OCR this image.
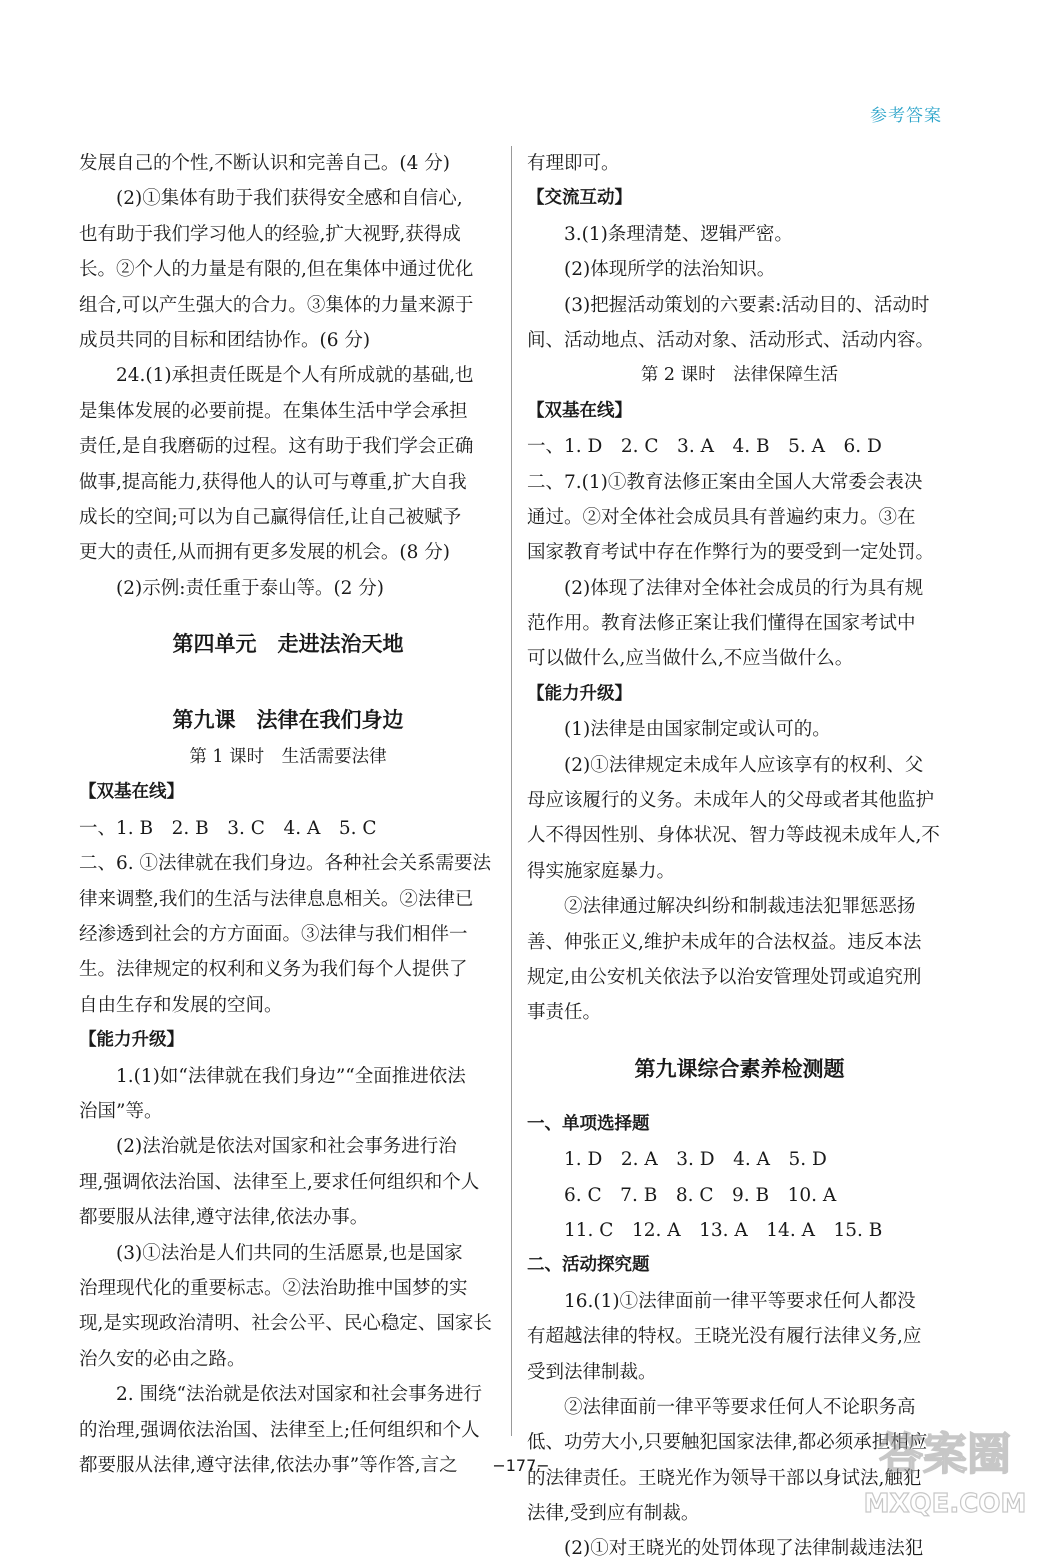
参考答案
发展自己的个性,不断认识和完善自己。(4 分)
(2)①集体有助于我们获得安全感和自信心,
也有助于我们学习他人的经验,扩大视野,获得成
长。②个人的力量是有限的,但在集体中通过优化
组合,可以产生强大的合力。③集体的力量来源于
成员共同的目标和团结协作。(6 分)
24.(1)承担责任既是个人有所成就的基础,也
是集体发展的必要前提。在集体生活中学会承担
责任,是自我磨砺的过程。这有助于我们学会正确
做事,提高能力,获得他人的认可与尊重,扩大自我
成长的空间;可以为自己赢得信任,让自己被赋予
更大的责任,从而拥有更多发展的机会。(8 分)
(2)示例:责任重于泰山等。(2 分)
第四单元　走进法治天地
第九课　法律在我们身边
第 1 课时　生活需要法律
【双基在线】
一、1. B　2. B　3. C　4. A　5. C
二、6. ①法律就在我们身边。各种社会关系需要法
律来调整,我们的生活与法律息息相关。②法律已
经渗透到社会的方方面面。③法律与我们相伴一
生。法律规定的权利和义务为我们每个人提供了
自由生存和发展的空间。
【能力升级】
1.(1)如“法律就在我们身边”“全面推进依法
治国”等。
(2)法治就是依法对国家和社会事务进行治
理,强调依法治国、法律至上,要求任何组织和个人
都要服从法律,遵守法律,依法办事。
(3)①法治是人们共同的生活愿景,也是国家
治理现代化的重要标志。②法治助推中国梦的实
现,是实现政治清明、社会公平、民心稳定、国家长
治久安的必由之路。
2. 围绕“法治就是依法对国家和社会事务进行
的治理,强调依法治国、法律至上;任何组织和个人
都要服从法律,遵守法律,依法办事”等作答,言之
有理即可。
【交流互动】
3.(1)条理清楚、逻辑严密。
(2)体现所学的法治知识。
(3)把握活动策划的六要素:活动目的、活动时
间、活动地点、活动对象、活动形式、活动内容。
第 2 课时　法律保障生活
【双基在线】
一、1. D　2. C　3. A　4. B　5. A　6. D
二、7.(1)①教育法修正案由全国人大常委会表决
通过。②对全体社会成员具有普遍约束力。③在
国家教育考试中存在作弊行为的要受到一定处罚。
(2)体现了法律对全体社会成员的行为具有规
范作用。教育法修正案让我们懂得在国家考试中
可以做什么,应当做什么,不应当做什么。
【能力升级】
(1)法律是由国家制定或认可的。
(2)①法律规定未成年人应该享有的权利、父
母应该履行的义务。未成年人的父母或者其他监护
人不得因性别、身体状况、智力等歧视未成年人,不
得实施家庭暴力。
②法律通过解决纠纷和制裁违法犯罪惩恶扬
善、伸张正义,维护未成年的合法权益。违反本法
规定,由公安机关依法予以治安管理处罚或追究刑
事责任。
第九课综合素养检测题
一、单项选择题
1. D　2. A　3. D　4. A　5. D
6. C　7. B　8. C　9. B　10. A
11. C　12. A　13. A　14. A　15. B
二、活动探究题
16.(1)①法律面前一律平等要求任何人都没
有超越法律的特权。王晓光没有履行法律义务,应
受到法律制裁。
②法律面前一律平等要求任何人不论职务高
低、功劳大小,只要触犯国家法律,都必须承担相应
的法律责任。王晓光作为领导干部以身试法,触犯
法律,受到应有制裁。
(2)①对王晓光的处罚体现了法律制裁违法犯
−177−	答案圈
MXQE.COM
